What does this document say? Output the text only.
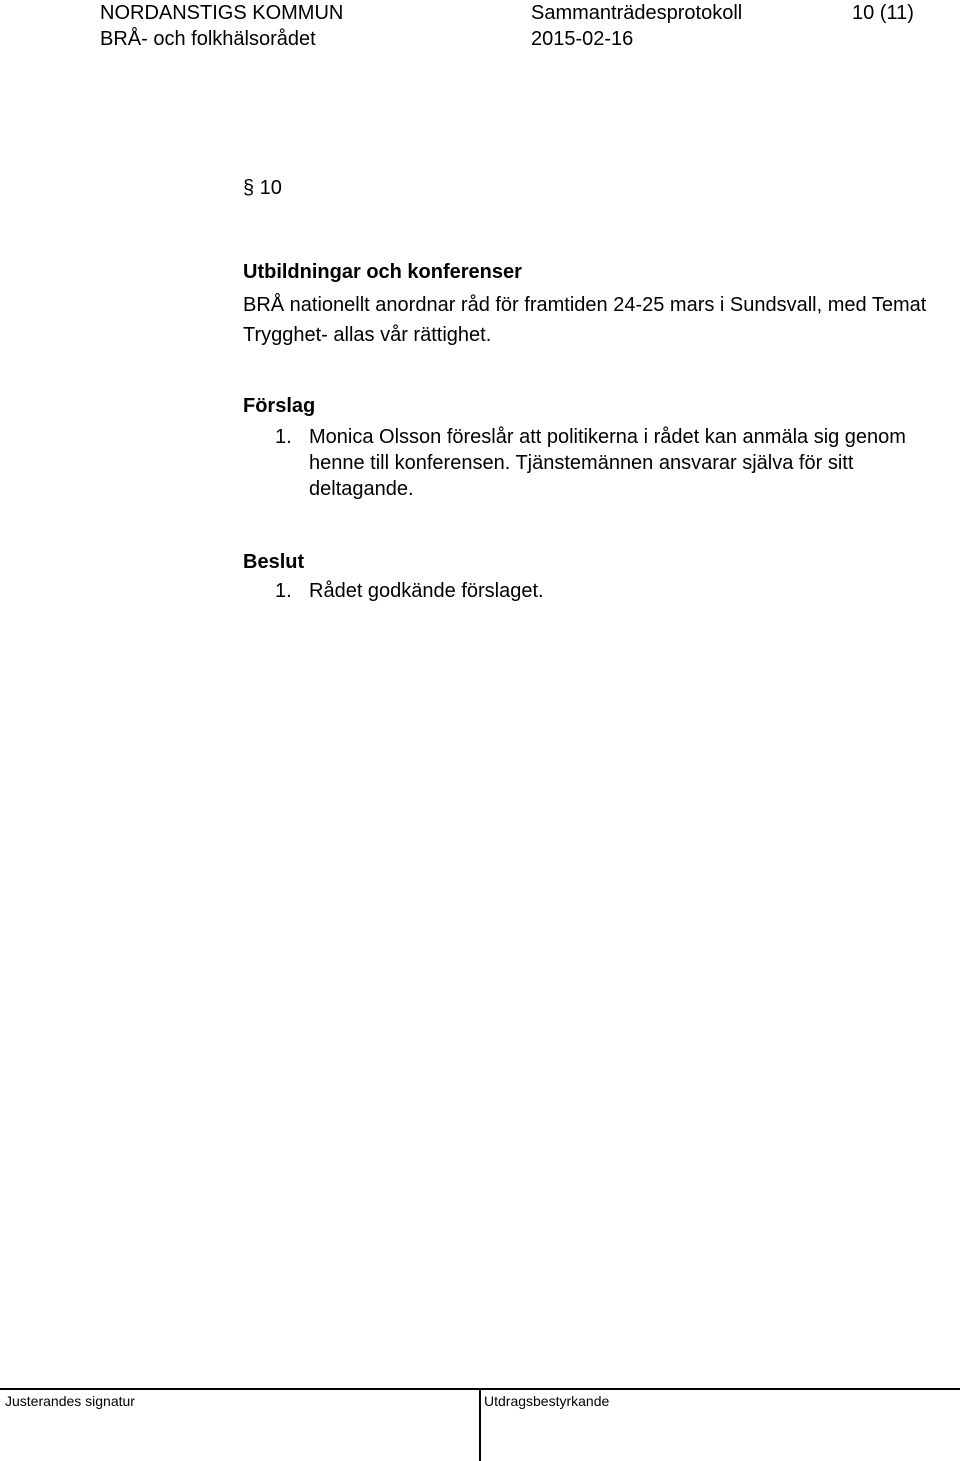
NORDANSTIGS KOMMUN
BRÅ- och folkhälsorådet
Sammanträdesprotokoll
2015-02-16
10 (11)

§ 10

Utbildningar och konferenser

BRÅ nationellt anordnar råd för framtiden 24-25 mars i Sundsvall, med Temat Trygghet- allas vår rättighet.

Förslag

1. Monica Olsson föreslår att politikerna i rådet kan anmäla sig genom henne till konferensen. Tjänstemännen ansvarar själva för sitt deltagande.

Beslut

1. Rådet godkände förslaget.
Justerandes signatur	Utdragsbestyrkande
